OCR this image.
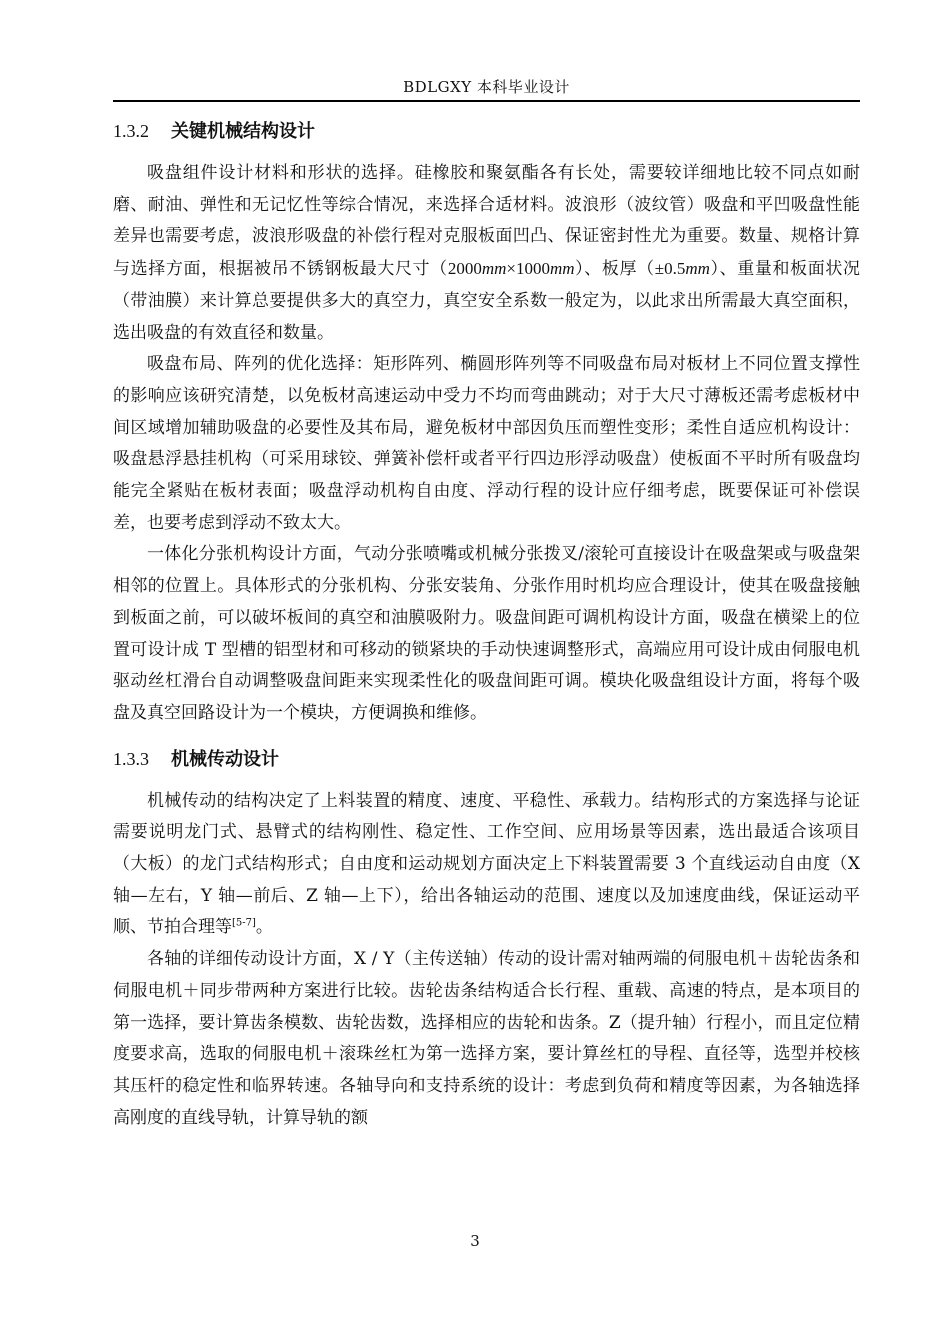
BDLGXY 本科毕业设计
1.3.2 关键机械结构设计

吸盘组件设计材料和形状的选择。硅橡胶和聚氨酯各有长处，需要较详细地比较不同点如耐磨、耐油、弹性和无记忆性等综合情况，来选择合适材料。波浪形（波纹管）吸盘和平凹吸盘性能差异也需要考虑，波浪形吸盘的补偿行程对克服板面凹凸、保证密封性尤为重要。数量、规格计算与选择方面，根据被吊不锈钢板最大尺寸（2000mm×1000mm）、板厚（±0.5mm）、重量和板面状况（带油膜）来计算总要提供多大的真空力，真空安全系数一般定为，以此求出所需最大真空面积，选出吸盘的有效直径和数量。

吸盘布局、阵列的优化选择：矩形阵列、椭圆形阵列等不同吸盘布局对板材上不同位置支撑性的影响应该研究清楚，以免板材高速运动中受力不均而弯曲跳动；对于大尺寸薄板还需考虑板材中间区域增加辅助吸盘的必要性及其布局，避免板材中部因负压而塑性变形；柔性自适应机构设计：吸盘悬浮悬挂机构（可采用球铰、弹簧补偿杆或者平行四边形浮动吸盘）使板面不平时所有吸盘均能完全紧贴在板材表面；吸盘浮动机构自由度、浮动行程的设计应仔细考虑，既要保证可补偿误差，也要考虑到浮动不致太大。

一体化分张机构设计方面，气动分张喷嘴或机械分张拨叉/滚轮可直接设计在吸盘架或与吸盘架相邻的位置上。具体形式的分张机构、分张安装角、分张作用时机均应合理设计，使其在吸盘接触到板面之前，可以破坏板间的真空和油膜吸附力。吸盘间距可调机构设计方面，吸盘在横梁上的位置可设计成 T 型槽的铝型材和可移动的锁紧块的手动快速调整形式，高端应用可设计成由伺服电机驱动丝杠滑台自动调整吸盘间距来实现柔性化的吸盘间距可调。模块化吸盘组设计方面，将每个吸盘及真空回路设计为一个模块，方便调换和维修。

1.3.3 机械传动设计

机械传动的结构决定了上料装置的精度、速度、平稳性、承载力。结构形式的方案选择与论证需要说明龙门式、悬臂式的结构刚性、稳定性、工作空间、应用场景等因素，选出最适合该项目（大板）的龙门式结构形式；自由度和运动规划方面决定上下料装置需要 3 个直线运动自由度（X 轴—左右，Y 轴—前后、Z 轴—上下），给出各轴运动的范围、速度以及加速度曲线，保证运动平顺、节拍合理等[5-7]。

各轴的详细传动设计方面，X / Y（主传送轴）传动的设计需对轴两端的伺服电机＋齿轮齿条和伺服电机＋同步带两种方案进行比较。齿轮齿条结构适合长行程、重载、高速的特点，是本项目的第一选择，要计算齿条模数、齿轮齿数，选择相应的齿轮和齿条。Z（提升轴）行程小，而且定位精度要求高，选取的伺服电机＋滚珠丝杠为第一选择方案，要计算丝杠的导程、直径等，选型并校核其压杆的稳定性和临界转速。各轴导向和支持系统的设计：考虑到负荷和精度等因素，为各轴选择高刚度的直线导轨，计算导轨的额

3
